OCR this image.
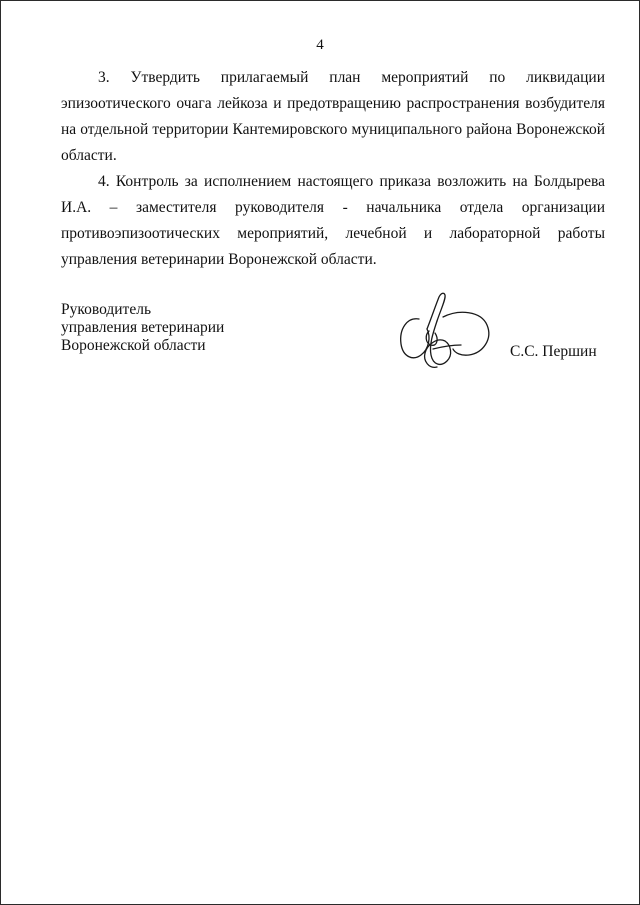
4

3. Утвердить прилагаемый план мероприятий по ликвидации эпизоотического очага лейкоза и предотвращению распространения возбудителя на отдельной территории Кантемировского муниципального района Воронежской области.

4. Контроль за исполнением настоящего приказа возложить на Болдырева И.А. – заместителя руководителя - начальника отдела организации противоэпизоотических мероприятий, лечебной и лабораторной работы управления ветеринарии Воронежской области.

Руководитель
управления ветеринарии
Воронежской области	С.С. Першин
